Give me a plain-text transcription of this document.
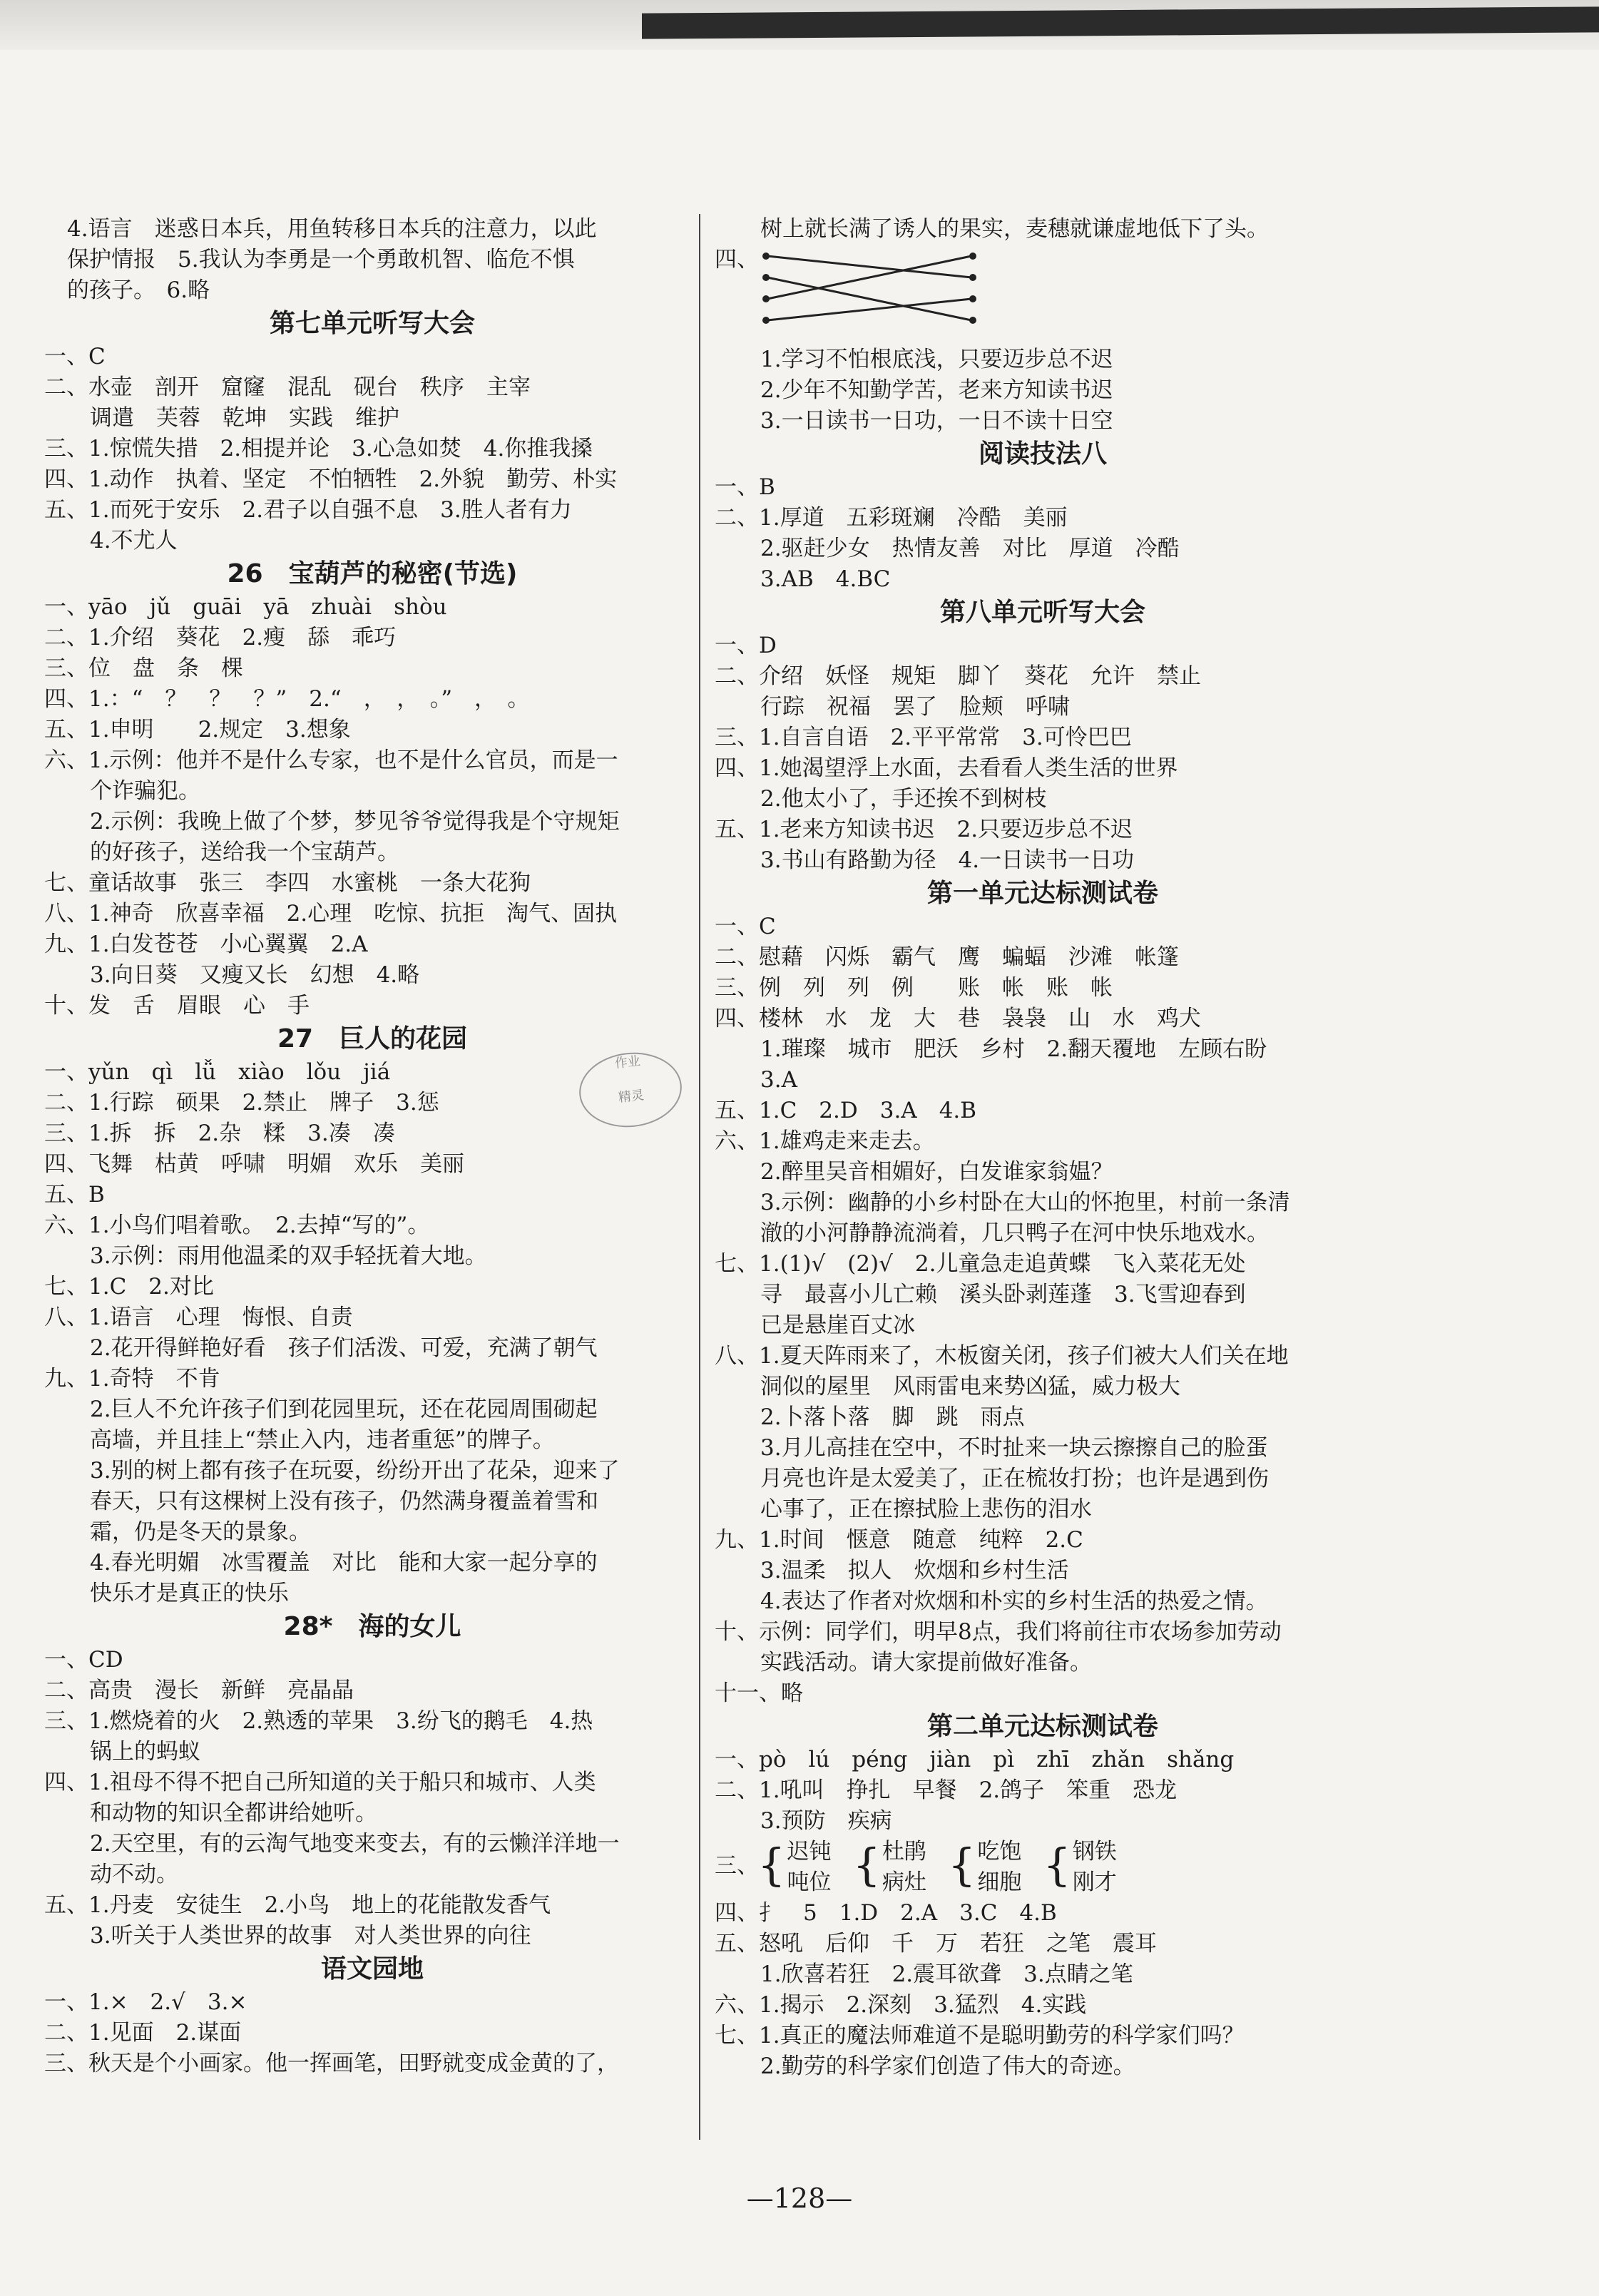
4.语言　迷惑日本兵，用鱼转移日本兵的注意力，以此
保护情报　5.我认为李勇是一个勇敢机智、临危不惧
的孩子。　6.略
第七单元听写大会
一、C
二、水壶　剖开　窟窿　混乱　砚台　秩序　主宰
调遣　芙蓉　乾坤　实践　维护
三、1.惊慌失措　2.相提并论　3.心急如焚　4.你推我搡
四、1.动作　执着、坚定　不怕牺牲　2.外貌　勤劳、朴实
五、1.而死于安乐　2.君子以自强不息　3.胜人者有力
4.不尤人
26　宝葫芦的秘密(节选)
一、yāo　jǔ　guāi　yā　zhuài　shòu
二、1.介绍　葵花　2.瘦　舔　乖巧
三、位　盘　条　棵
四、1.：“　？　？　？”　2.“　，　，　。”　，　。
五、1.申明　　2.规定　3.想象
六、1.示例：他并不是什么专家，也不是什么官员，而是一
个诈骗犯。
2.示例：我晚上做了个梦，梦见爷爷觉得我是个守规矩
的好孩子，送给我一个宝葫芦。
七、童话故事　张三　李四　水蜜桃　一条大花狗
八、1.神奇　欣喜幸福　2.心理　吃惊、抗拒　淘气、固执
九、1.白发苍苍　小心翼翼　2.A
3.向日葵　又瘦又长　幻想　4.略
十、发　舌　眉眼　心　手
27　巨人的花园
一、yǔn　qì　lǚ　xiào　lǒu　jiá
二、1.行踪　硕果　2.禁止　牌子　3.惩
三、1.拆　拆　2.杂　糅　3.凑　凑
四、飞舞　枯黄　呼啸　明媚　欢乐　美丽
五、B
六、1.小鸟们唱着歌。　2.去掉“写的”。
3.示例：雨用他温柔的双手轻抚着大地。
七、1.C　2.对比
八、1.语言　心理　悔恨、自责
2.花开得鲜艳好看　孩子们活泼、可爱，充满了朝气
九、1.奇特　不肯
2.巨人不允许孩子们到花园里玩，还在花园周围砌起
高墙，并且挂上“禁止入内，违者重惩”的牌子。
3.别的树上都有孩子在玩耍，纷纷开出了花朵，迎来了
春天，只有这棵树上没有孩子，仍然满身覆盖着雪和
霜，仍是冬天的景象。
4.春光明媚　冰雪覆盖　对比　能和大家一起分享的
快乐才是真正的快乐
28*　海的女儿
一、CD
二、高贵　漫长　新鲜　亮晶晶
三、1.燃烧着的火　2.熟透的苹果　3.纷飞的鹅毛　4.热
锅上的蚂蚁
四、1.祖母不得不把自己所知道的关于船只和城市、人类
和动物的知识全都讲给她听。
2.天空里，有的云淘气地变来变去，有的云懒洋洋地一
动不动。
五、1.丹麦　安徒生　2.小鸟　地上的花能散发香气
3.听关于人类世界的故事　对人类世界的向往
语文园地
一、1.×　2.√　3.×
二、1.见面　2.谋面
三、秋天是个小画家。他一挥画笔，田野就变成金黄的了，
树上就长满了诱人的果实，麦穗就谦虚地低下了头。
四、
1.学习不怕根底浅，只要迈步总不迟
2.少年不知勤学苦，老来方知读书迟
3.一日读书一日功，一日不读十日空
阅读技法八
一、B
二、1.厚道　五彩斑斓　冷酷　美丽
2.驱赶少女　热情友善　对比　厚道　冷酷
3.AB　4.BC
第八单元听写大会
一、D
二、介绍　妖怪　规矩　脚丫　葵花　允许　禁止
行踪　祝福　罢了　脸颊　呼啸
三、1.自言自语　2.平平常常　3.可怜巴巴
四、1.她渴望浮上水面，去看看人类生活的世界
2.他太小了，手还挨不到树枝
五、1.老来方知读书迟　2.只要迈步总不迟
3.书山有路勤为径　4.一日读书一日功
第一单元达标测试卷
一、C
二、慰藉　闪烁　霸气　鹰　蝙蝠　沙滩　帐篷
三、例　列　列　例　　账　帐　账　帐
四、楼林　水　龙　大　巷　袅袅　山　水　鸡犬
1.璀璨　城市　肥沃　乡村　2.翻天覆地　左顾右盼
3.A
五、1.C　2.D　3.A　4.B
六、1.雄鸡走来走去。
2.醉里吴音相媚好，白发谁家翁媪？
3.示例：幽静的小乡村卧在大山的怀抱里，村前一条清
澈的小河静静流淌着，几只鸭子在河中快乐地戏水。
七、1.(1)√　(2)√　2.儿童急走追黄蝶　飞入菜花无处
寻　最喜小儿亡赖　溪头卧剥莲蓬　3.飞雪迎春到
已是悬崖百丈冰
八、1.夏天阵雨来了，木板窗关闭，孩子们被大人们关在地
洞似的屋里　风雨雷电来势凶猛，威力极大
2.卜落卜落　脚　跳　雨点
3.月儿高挂在空中，不时扯来一块云擦擦自己的脸蛋
月亮也许是太爱美了，正在梳妆打扮；也许是遇到伤
心事了，正在擦拭脸上悲伤的泪水
九、1.时间　惬意　随意　纯粹　2.C
3.温柔　拟人　炊烟和乡村生活
4.表达了作者对炊烟和朴实的乡村生活的热爱之情。
十、示例：同学们，明早8点，我们将前往市农场参加劳动
实践活动。请大家提前做好准备。
十一、略
第二单元达标测试卷
一、pò　lú　péng　jiàn　pì　zhī　zhǎn　shǎng
二、1.吼叫　挣扎　早餐　2.鸽子　笨重　恐龙
3.预防　疾病
三、
{ 迟钝
吨位 { 杜鹃
病灶 { 吃饱
细胞 { 钢铁
刚才
四、扌　5　1.D　2.A　3.C　4.B
五、怒吼　后仰　千　万　若狂　之笔　震耳
1.欣喜若狂　2.震耳欲聋　3.点睛之笔
六、1.揭示　2.深刻　3.猛烈　4.实践
七、1.真正的魔法师难道不是聪明勤劳的科学家们吗？
2.勤劳的科学家们创造了伟大的奇迹。
作业
精灵
—128—
